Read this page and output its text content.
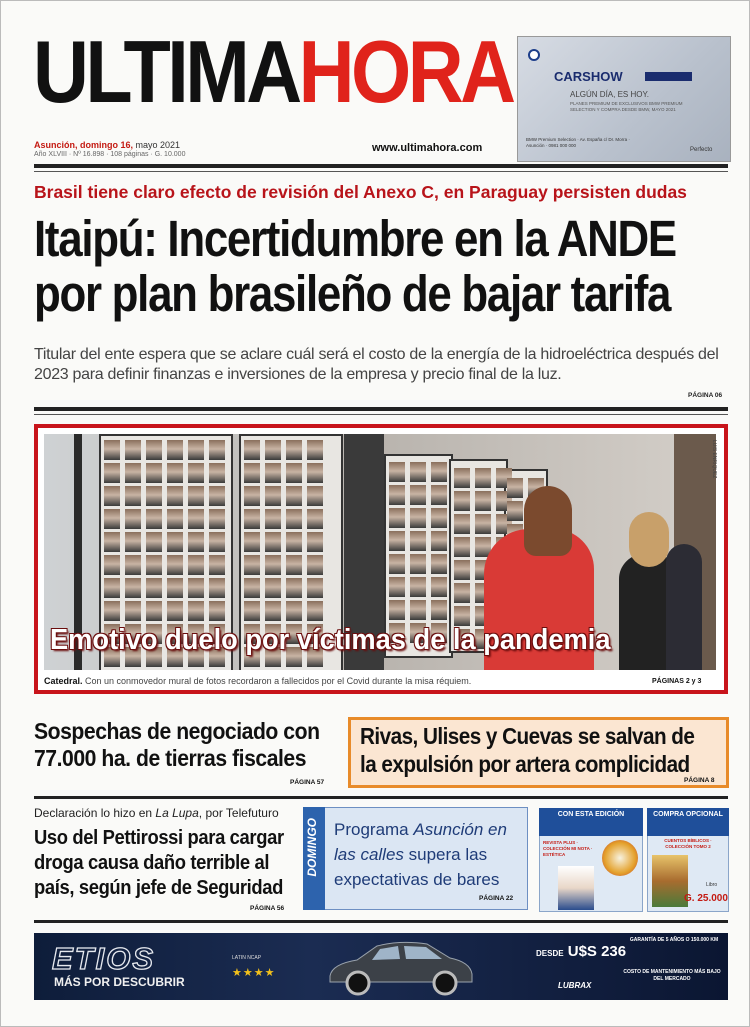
ULTIMAHORA
Asunción, domingo 16, mayo 2021
Año XLVIII · Nº 16.898 · 108 páginas · G. 10.000
www.ultimahora.com
CARSHOW
ALGÚN DÍA, ES HOY.
PLANES PREMIUM DE EXCLUSIVOS BMW PREMIUM SELECTION Y COMPRA DESDE BMW, MAYO 2021
BMW Premium Selection · Av. España c/ Dr. Morra · Asunción · 0981 000 000
Perfecto
Brasil tiene claro efecto de revisión del Anexo C, en Paraguay persisten dudas
Itaipú: Incertidumbre en la ANDE
por plan brasileño de bajar tarifa
Titular del ente espera que se aclare cuál será el costo de la energía de la hidroeléctrica después del 2023 para definir finanzas e inversiones de la empresa y precio final de la luz.
PÁGINA 06
Emotivo duelo por víctimas de la pandemia
LUIS ENRIQUEZ
Catedral. Con un conmovedor mural de fotos recordaron a fallecidos por el Covid durante la misa réquiem.	PÁGINAS 2 y 3
Sospechas de negociado con
77.000 ha. de tierras fiscales
PÁGINA 57
Rivas, Ulises y Cuevas se salvan de
la expulsión por artera complicidad
PÁGINA 8
Declaración lo hizo en La Lupa, por Telefuturo
Uso del Pettirossi para cargar
droga causa daño terrible al
país, según jefe de Seguridad
PÁGINA 56
DOMINGO Programa Asunción en
las calles supera las
expectativas de bares
PÁGINA 22
CON ESTA EDICIÓN
REVISTA PLUS · COLECCIÓN MI NOTA · ESTÉTICA
COMPRA OPCIONAL
CUENTOS BÍBLICOS · COLECCIÓN TOMO 2
Libro
G. 25.000
ETIOS
MÁS POR DESCUBRIR
LATIN NCAP
★★★★
DESDE U$S 236
LUBRAX
GARANTÍA DE 5 AÑOS O 150.000 KM
COSTO DE MANTENIMIENTO MÁS BAJO DEL MERCADO
